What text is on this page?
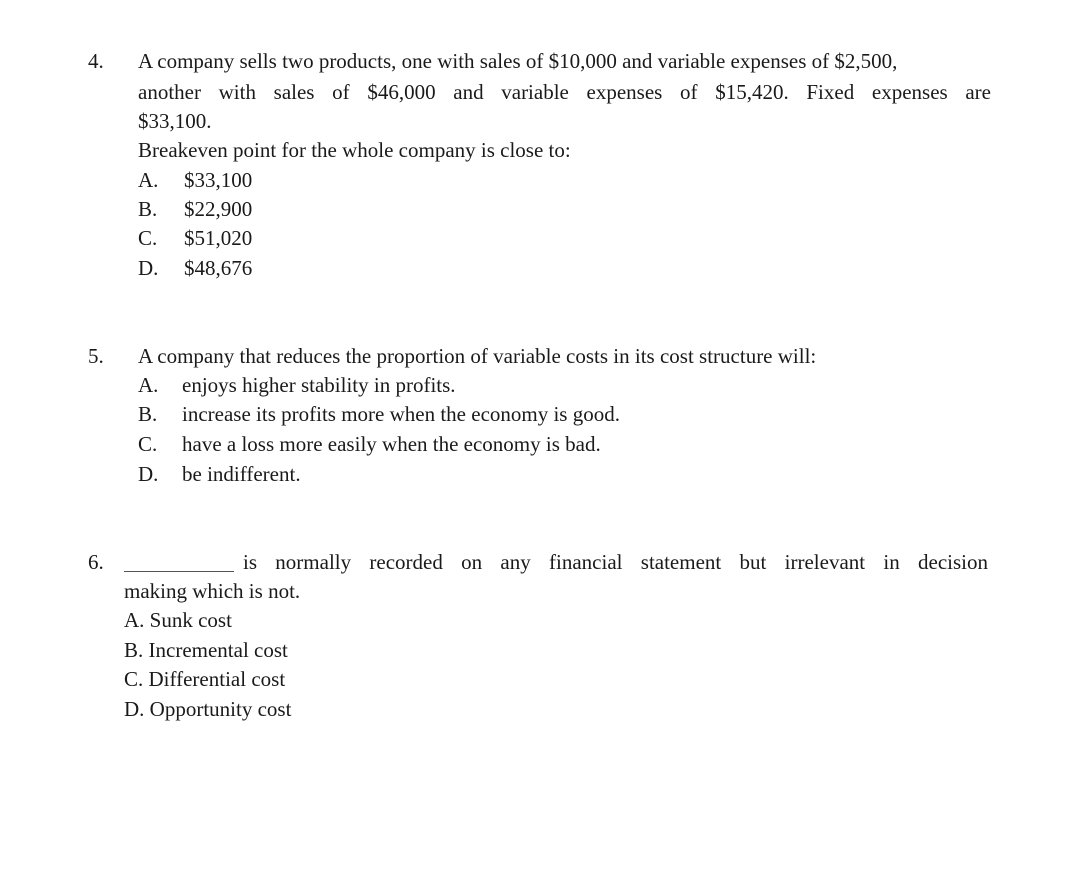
4. A company sells two products, one with sales of $10,000 and variable expenses of $2,500,
another with sales of $46,000 and variable expenses of $15,420. Fixed expenses are
$33,100.
Breakeven point for the whole company is close to:
A. $33,100
B. $22,900
C. $51,020
D. $48,676
5. A company that reduces the proportion of variable costs in its cost structure will:
A. enjoys higher stability in profits.
B. increase its profits more when the economy is good.
C. have a loss more easily when the economy is bad.
D. be indifferent.
6.	is normally recorded on any financial statement but irrelevant in decision
making which is not.
A. Sunk cost
B. Incremental cost
C. Differential cost
D. Opportunity cost
